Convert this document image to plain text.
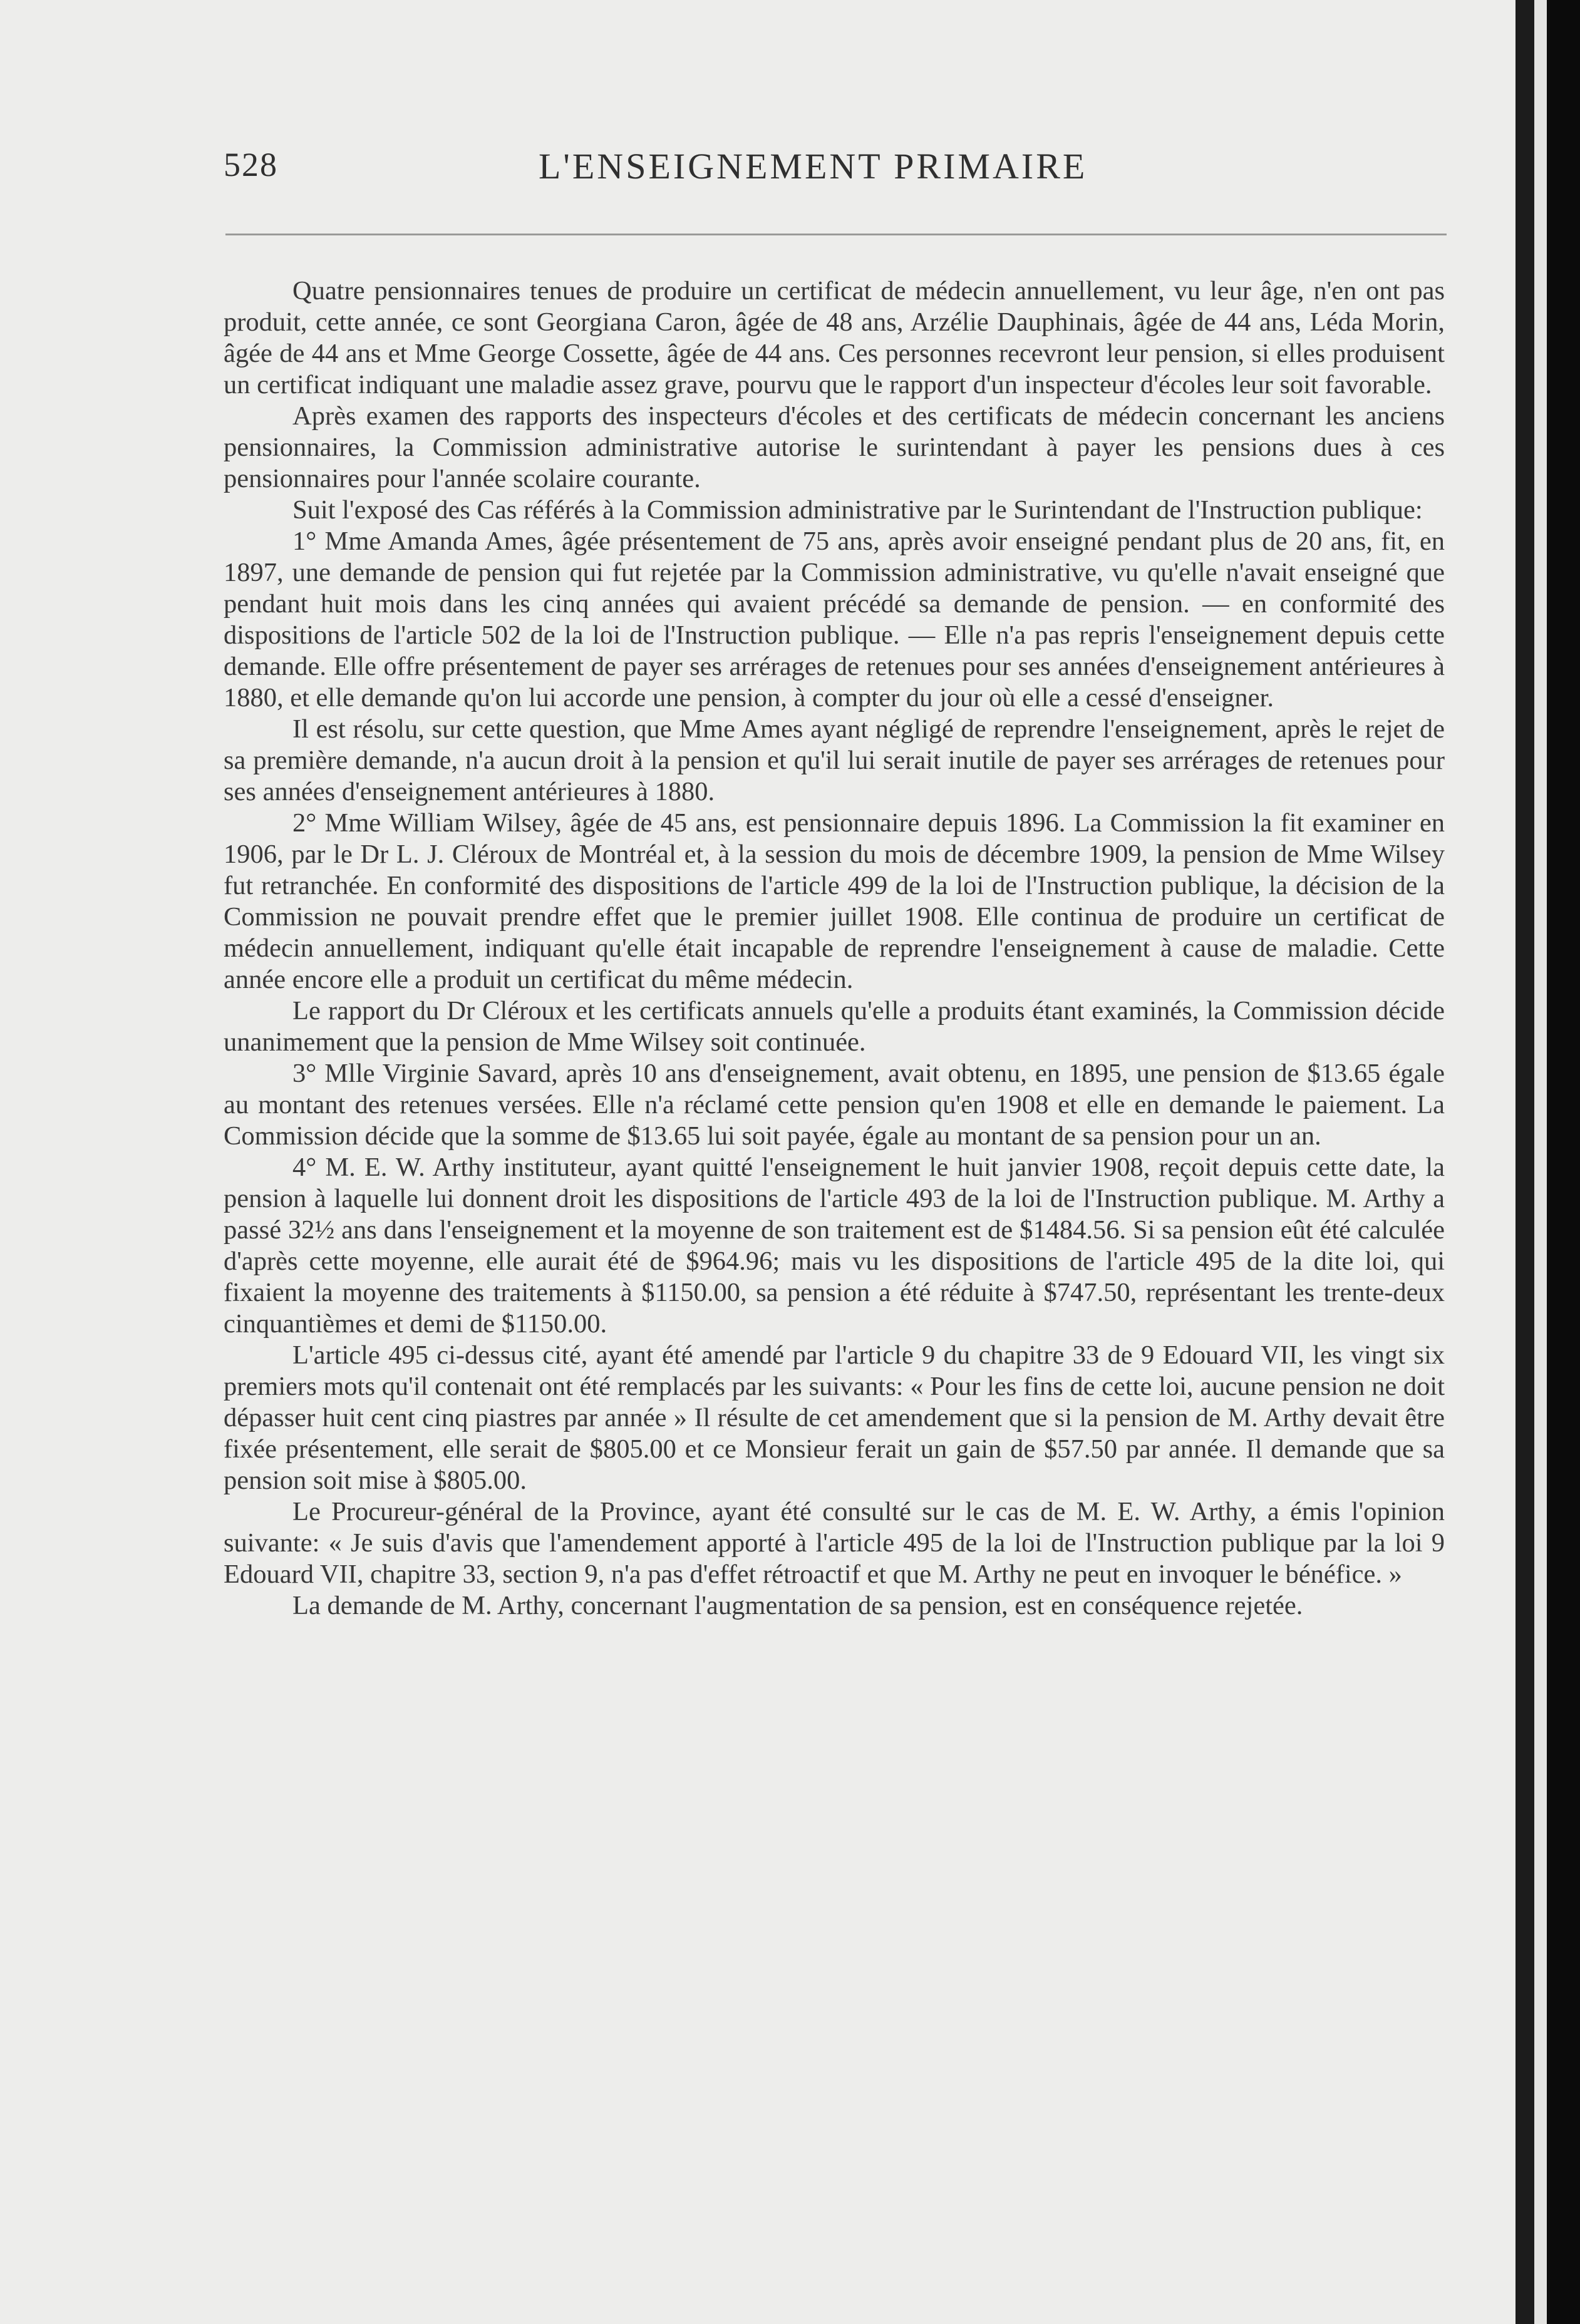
528	L'ENSEIGNEMENT PRIMAIRE

Quatre pensionnaires tenues de produire un certificat de médecin annuellement, vu leur âge, n'en ont pas produit, cette année, ce sont Georgiana Caron, âgée de 48 ans, Arzélie Dauphinais, âgée de 44 ans, Léda Morin, âgée de 44 ans et Mme George Cossette, âgée de 44 ans. Ces personnes recevront leur pension, si elles produisent un certificat indiquant une maladie assez grave, pourvu que le rapport d'un inspecteur d'écoles leur soit favorable.

Après examen des rapports des inspecteurs d'écoles et des certificats de médecin concernant les anciens pensionnaires, la Commission administrative autorise le surintendant à payer les pensions dues à ces pensionnaires pour l'année scolaire courante.

Suit l'exposé des Cas référés à la Commission administrative par le Surintendant de l'Instruction publique:

1° Mme Amanda Ames, âgée présentement de 75 ans, après avoir enseigné pendant plus de 20 ans, fit, en 1897, une demande de pension qui fut rejetée par la Commission administrative, vu qu'elle n'avait enseigné que pendant huit mois dans les cinq années qui avaient précédé sa demande de pension. — en conformité des dispositions de l'article 502 de la loi de l'Instruction publique. — Elle n'a pas repris l'enseignement depuis cette demande. Elle offre présentement de payer ses arrérages de retenues pour ses années d'enseignement antérieures à 1880, et elle demande qu'on lui accorde une pension, à compter du jour où elle a cessé d'enseigner.

Il est résolu, sur cette question, que Mme Ames ayant négligé de reprendre l'enseignement, après le rejet de sa première demande, n'a aucun droit à la pension et qu'il lui serait inutile de payer ses arrérages de retenues pour ses années d'enseignement antérieures à 1880.

2° Mme William Wilsey, âgée de 45 ans, est pensionnaire depuis 1896. La Commission la fit examiner en 1906, par le Dr L. J. Cléroux de Montréal et, à la session du mois de décembre 1909, la pension de Mme Wilsey fut retranchée. En conformité des dispositions de l'article 499 de la loi de l'Instruction publique, la décision de la Commission ne pouvait prendre effet que le premier juillet 1908. Elle continua de produire un certificat de médecin annuellement, indiquant qu'elle était incapable de reprendre l'enseignement à cause de maladie. Cette année encore elle a produit un certificat du même médecin.

Le rapport du Dr Cléroux et les certificats annuels qu'elle a produits étant examinés, la Commission décide unanimement que la pension de Mme Wilsey soit continuée.

3° Mlle Virginie Savard, après 10 ans d'enseignement, avait obtenu, en 1895, une pension de $13.65 égale au montant des retenues versées. Elle n'a réclamé cette pension qu'en 1908 et elle en demande le paiement. La Commission décide que la somme de $13.65 lui soit payée, égale au montant de sa pension pour un an.

4° M. E. W. Arthy instituteur, ayant quitté l'enseignement le huit janvier 1908, reçoit depuis cette date, la pension à laquelle lui donnent droit les dispositions de l'article 493 de la loi de l'Instruction publique. M. Arthy a passé 32½ ans dans l'enseignement et la moyenne de son traitement est de $1484.56. Si sa pension eût été calculée d'après cette moyenne, elle aurait été de $964.96; mais vu les dispositions de l'article 495 de la dite loi, qui fixaient la moyenne des traitements à $1150.00, sa pension a été réduite à $747.50, représentant les trente-deux cinquantièmes et demi de $1150.00.

L'article 495 ci-dessus cité, ayant été amendé par l'article 9 du chapitre 33 de 9 Edouard VII, les vingt six premiers mots qu'il contenait ont été remplacés par les suivants: « Pour les fins de cette loi, aucune pension ne doit dépasser huit cent cinq piastres par année » Il résulte de cet amendement que si la pension de M. Arthy devait être fixée présentement, elle serait de $805.00 et ce Monsieur ferait un gain de $57.50 par année. Il demande que sa pension soit mise à $805.00.

Le Procureur-général de la Province, ayant été consulté sur le cas de M. E. W. Arthy, a émis l'opinion suivante: « Je suis d'avis que l'amendement apporté à l'article 495 de la loi de l'Instruction publique par la loi 9 Edouard VII, chapitre 33, section 9, n'a pas d'effet rétroactif et que M. Arthy ne peut en invoquer le bénéfice. »

La demande de M. Arthy, concernant l'augmentation de sa pension, est en conséquence rejetée.
